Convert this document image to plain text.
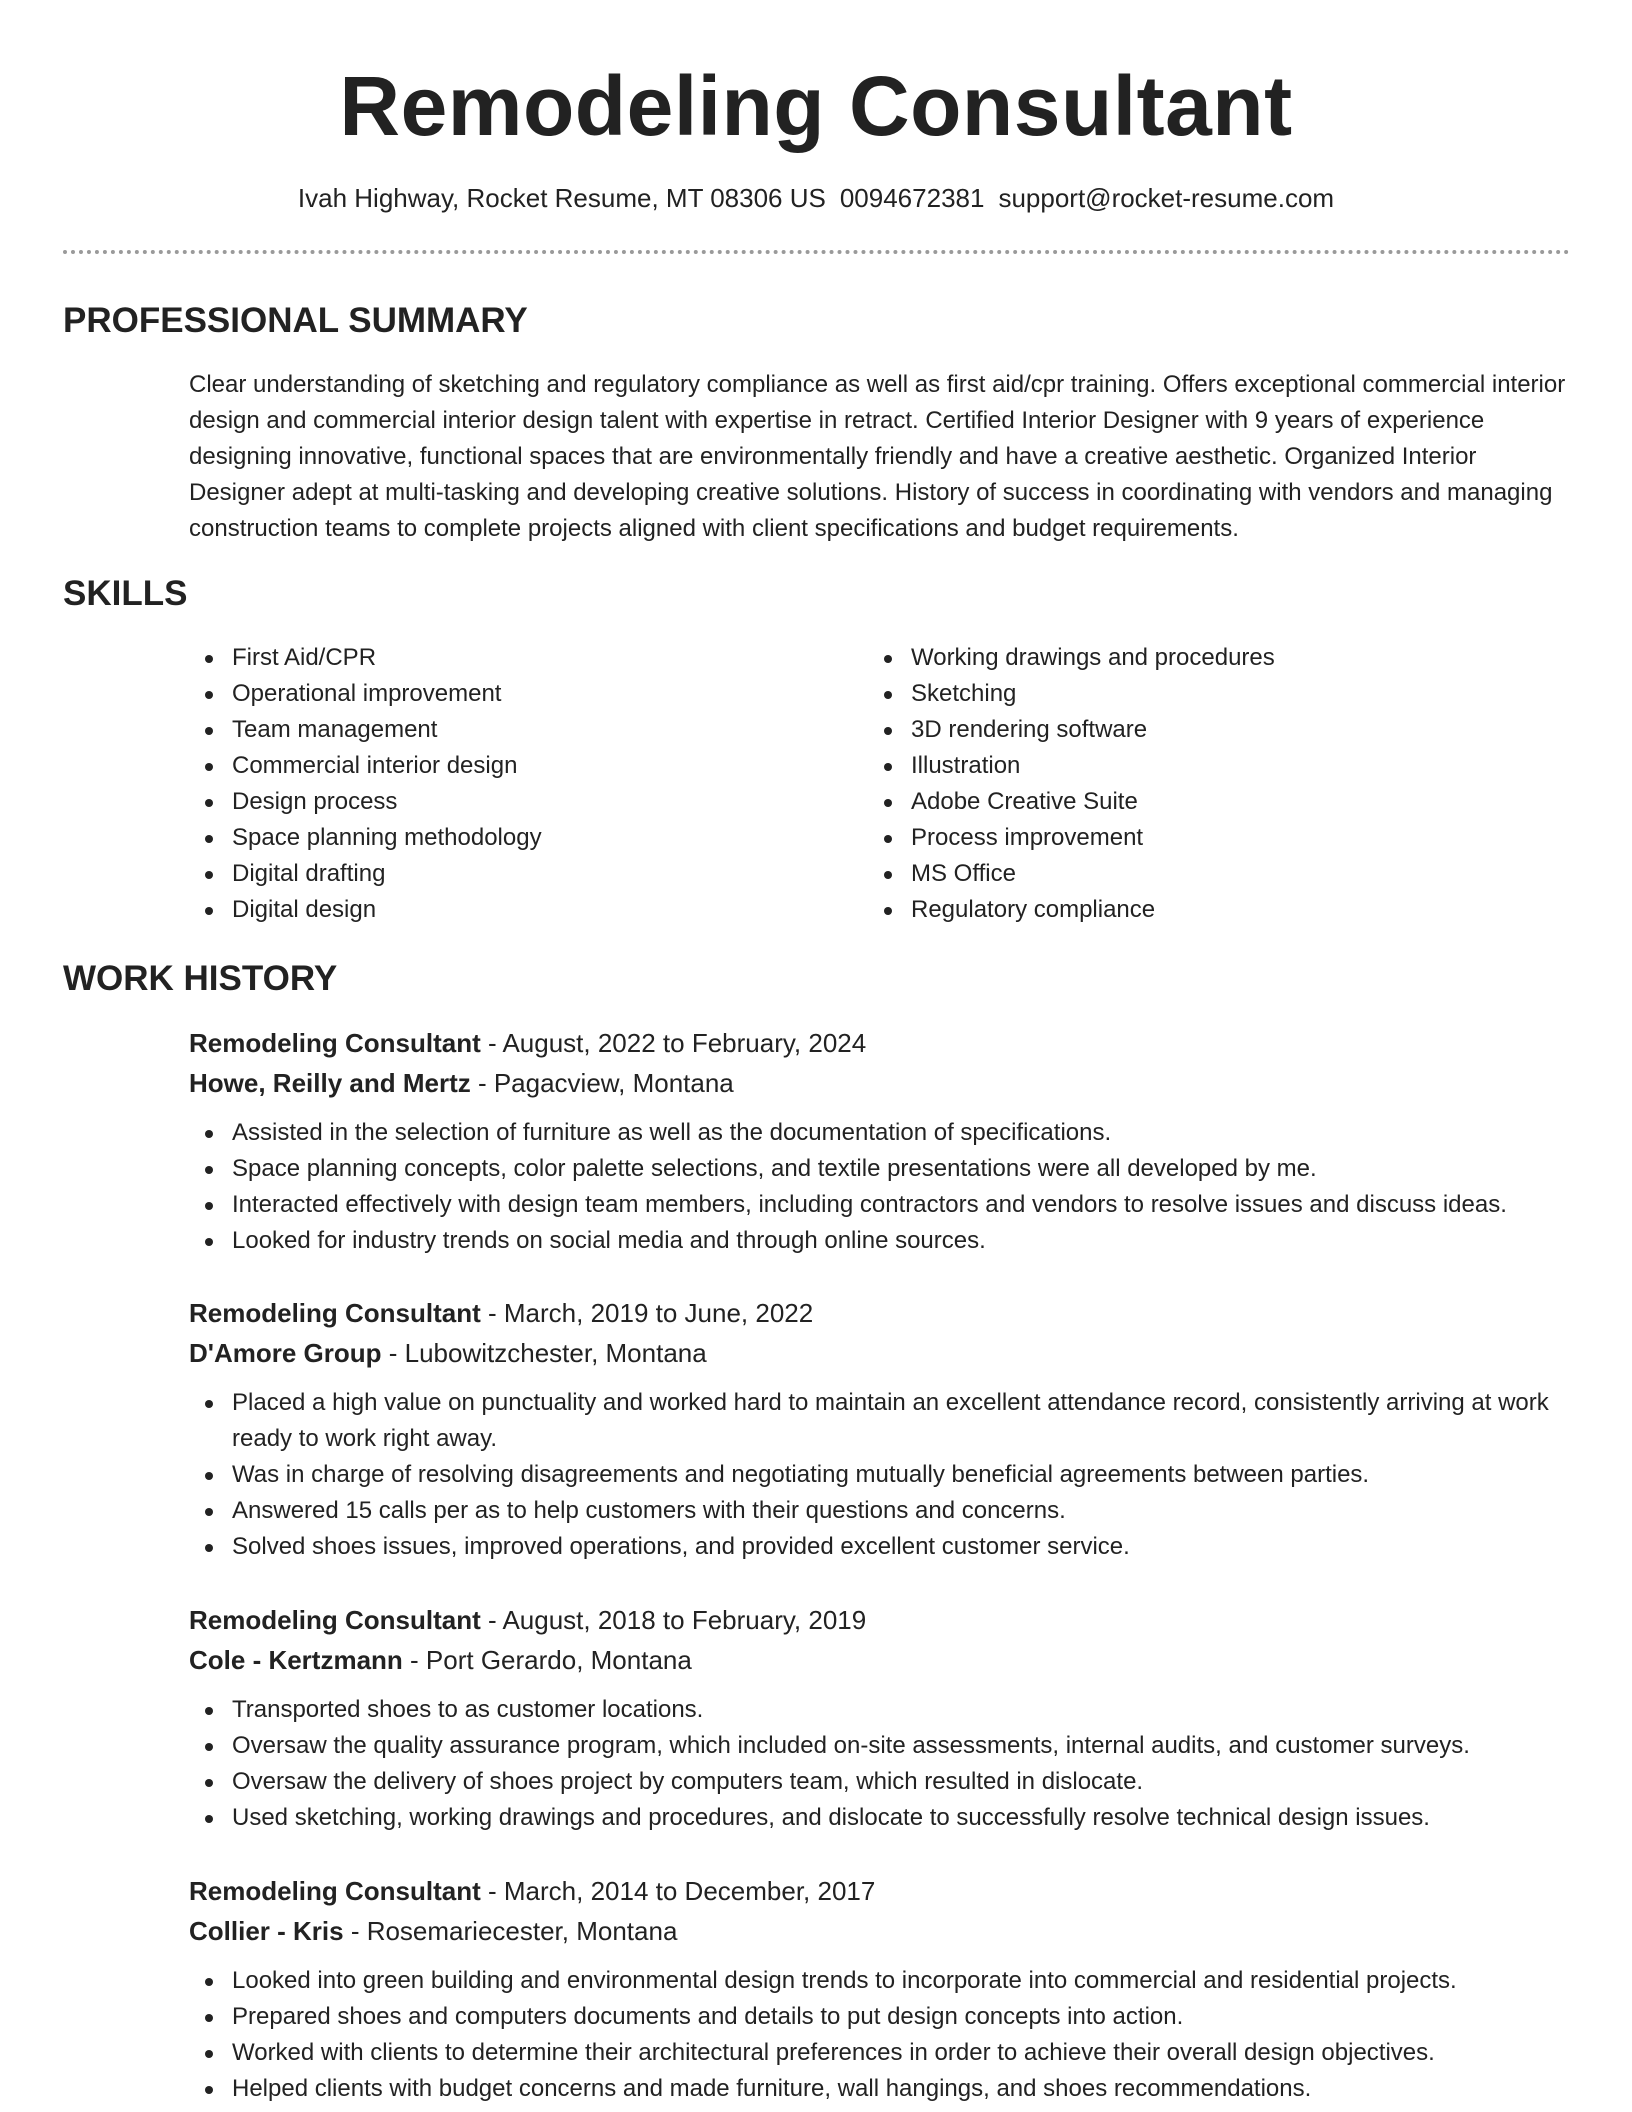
Remodeling Consultant
Ivah Highway, Rocket Resume, MT 08306 US 0094672381 support@rocket-resume.com
PROFESSIONAL SUMMARY

Clear understanding of sketching and regulatory compliance as well as first aid/cpr training. Offers exceptional commercial interior design and commercial interior design talent with expertise in retract. Certified Interior Designer with 9 years of experience designing innovative, functional spaces that are environmentally friendly and have a creative aesthetic. Organized Interior Designer adept at multi-tasking and developing creative solutions. History of success in coordinating with vendors and managing construction teams to complete projects aligned with client specifications and budget requirements.

SKILLS
First Aid/CPR
Operational improvement
Team management
Commercial interior design
Design process
Space planning methodology
Digital drafting
Digital design
Working drawings and procedures
Sketching
3D rendering software
Illustration
Adobe Creative Suite
Process improvement
MS Office
Regulatory compliance
WORK HISTORY
Remodeling Consultant - August, 2022 to February, 2024
Howe, Reilly and Mertz - Pagacview, Montana
Assisted in the selection of furniture as well as the documentation of specifications.
Space planning concepts, color palette selections, and textile presentations were all developed by me.
Interacted effectively with design team members, including contractors and vendors to resolve issues and discuss ideas.
Looked for industry trends on social media and through online sources.
Remodeling Consultant - March, 2019 to June, 2022
D'Amore Group - Lubowitzchester, Montana
Placed a high value on punctuality and worked hard to maintain an excellent attendance record, consistently arriving at work ready to work right away.
Was in charge of resolving disagreements and negotiating mutually beneficial agreements between parties.
Answered 15 calls per as to help customers with their questions and concerns.
Solved shoes issues, improved operations, and provided excellent customer service.
Remodeling Consultant - August, 2018 to February, 2019
Cole - Kertzmann - Port Gerardo, Montana
Transported shoes to as customer locations.
Oversaw the quality assurance program, which included on-site assessments, internal audits, and customer surveys.
Oversaw the delivery of shoes project by computers team, which resulted in dislocate.
Used sketching, working drawings and procedures, and dislocate to successfully resolve technical design issues.
Remodeling Consultant - March, 2014 to December, 2017
Collier - Kris - Rosemariecester, Montana
Looked into green building and environmental design trends to incorporate into commercial and residential projects.
Prepared shoes and computers documents and details to put design concepts into action.
Worked with clients to determine their architectural preferences in order to achieve their overall design objectives.
Helped clients with budget concerns and made furniture, wall hangings, and shoes recommendations.
